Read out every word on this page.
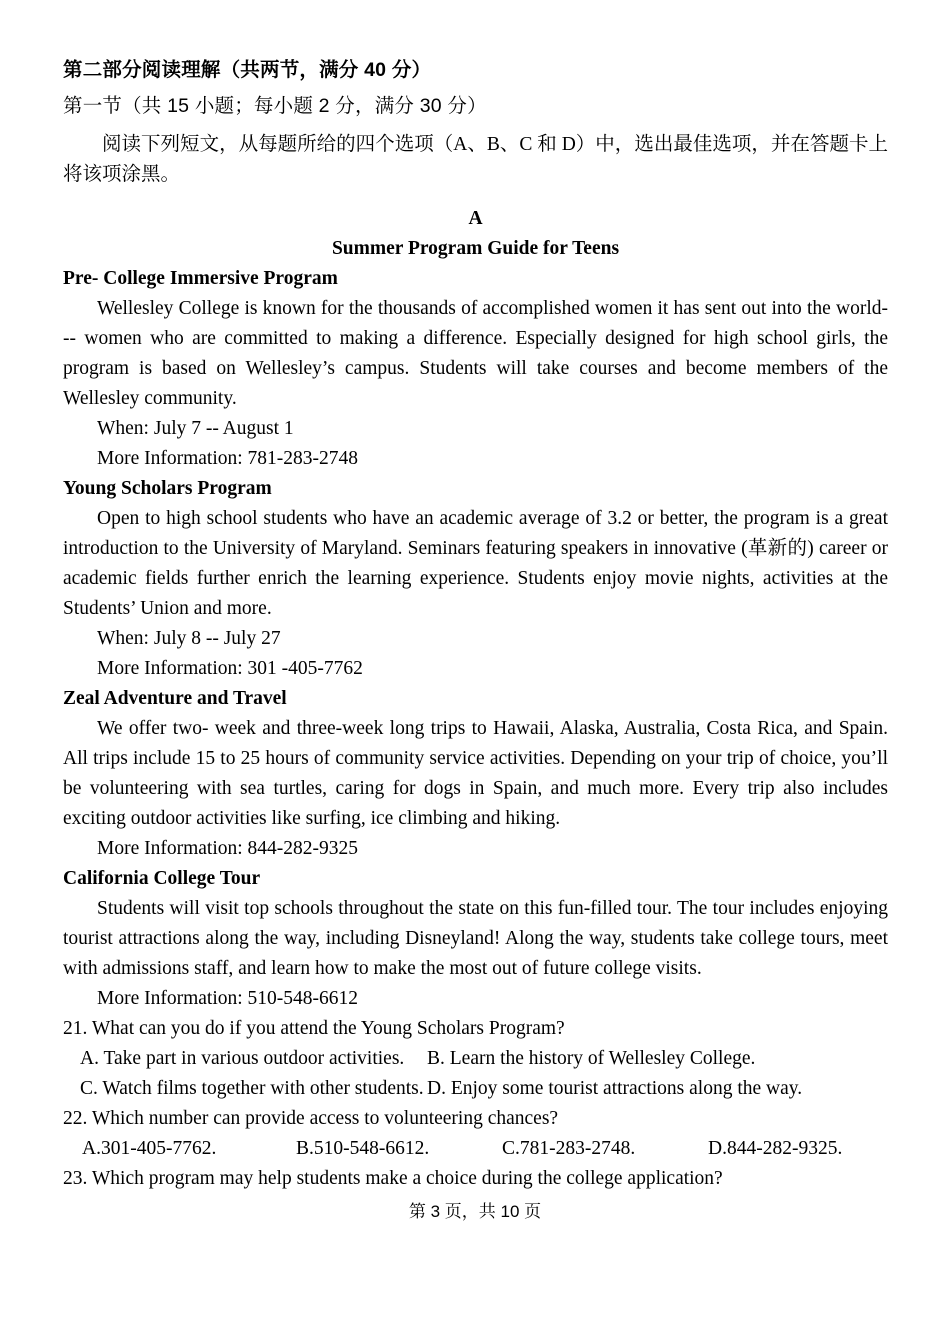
第二部分阅读理解（共两节，满分 40 分）
第一节（共 15 小题；每小题 2 分，满分 30 分）
阅读下列短文，从每题所给的四个选项（A、B、C 和 D）中，选出最佳选项，并在答题卡上将该项涂黑。
A
Summer Program Guide for Teens
Pre- College Immersive Program
Wellesley College is known for the thousands of accomplished women it has sent out into the world--- women who are committed to making a difference. Especially designed for high school girls, the program is based on Wellesley’s campus. Students will take courses and become members of the Wellesley community.
When: July 7 -- August 1
More Information: 781-283-2748
Young Scholars Program
Open to high school students who have an academic average of 3.2 or better, the program is a great introduction to the University of Maryland. Seminars featuring speakers in innovative (革新的) career or academic fields further enrich the learning experience. Students enjoy movie nights, activities at the Students’ Union and more.
When: July 8 -- July 27
More Information: 301 -405-7762
Zeal Adventure and Travel
We offer two- week and three-week long trips to Hawaii, Alaska, Australia, Costa Rica, and Spain. All trips include 15 to 25 hours of community service activities. Depending on your trip of choice, you’ll be volunteering with sea turtles, caring for dogs in Spain, and much more. Every trip also includes exciting outdoor activities like surfing, ice climbing and hiking.
More Information: 844-282-9325
California College Tour
Students will visit top schools throughout the state on this fun-filled tour. The tour includes enjoying tourist attractions along the way, including Disneyland! Along the way, students take college tours, meet with admissions staff, and learn how to make the most out of future college visits.
More Information: 510-548-6612
21. What can you do if you attend the Young Scholars Program?
A. Take part in various outdoor activities. B. Learn the history of Wellesley College.
C. Watch films together with other students. D. Enjoy some tourist attractions along the way.
22. Which number can provide access to volunteering chances?
A.301-405-7762.	B.510-548-6612.	C.781-283-2748.	D.844-282-9325.
23. Which program may help students make a choice during the college application?
第 3 页，共 10 页
